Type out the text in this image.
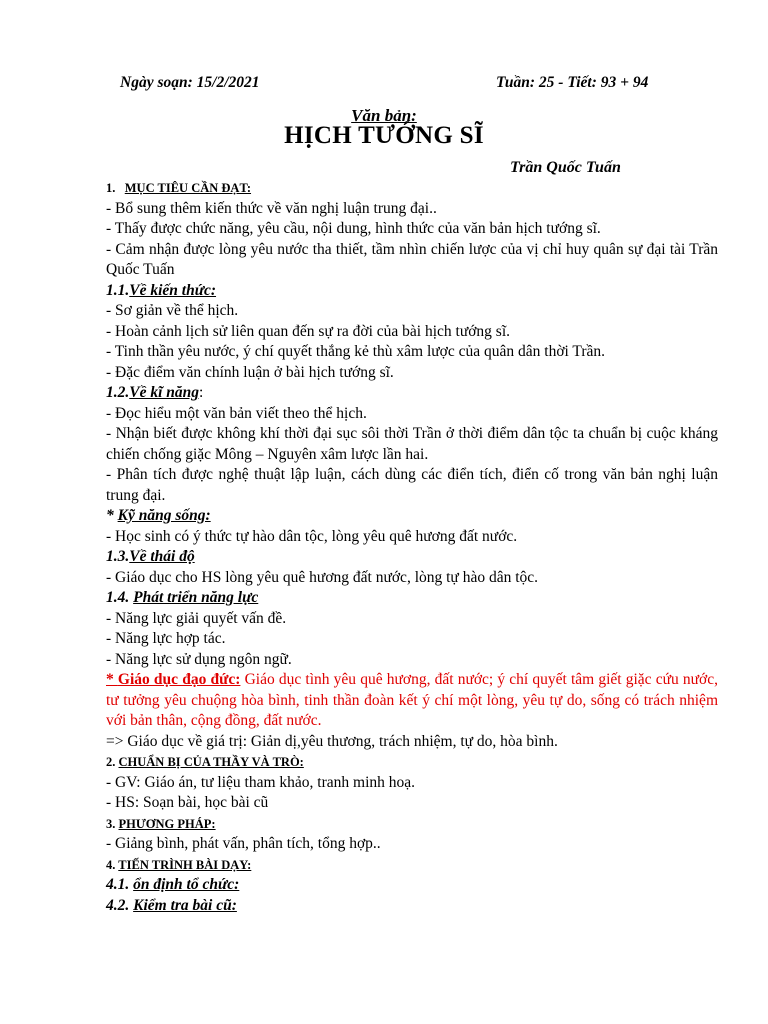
Ngày soạn: 15/2/2021	Tuần: 25 - Tiết: 93 + 94
Văn bản:
HỊCH TƯỚNG SĨ
Trần Quốc Tuấn
1. MỤC TIÊU CẦN ĐẠT:
- Bổ sung thêm kiến thức về văn nghị luận trung đại..
- Thấy được chức năng, yêu cầu, nội dung, hình thức của văn bản hịch tướng sĩ.
- Cảm nhận được lòng yêu nước tha thiết, tầm nhìn chiến lược của vị chỉ huy quân sự đại tài Trần Quốc Tuấn
1.1.Về kiến thức:
- Sơ giản về thể hịch.
- Hoàn cảnh lịch sử liên quan đến sự ra đời của bài hịch tướng sĩ.
- Tinh thần yêu nước, ý chí quyết thắng kẻ thù xâm lược của quân dân thời Trần.
- Đặc điểm văn chính luận ở bài hịch tướng sĩ.
1.2.Về kĩ năng:
- Đọc hiểu một văn bản viết theo thể hịch.
- Nhận biết được không khí thời đại sục sôi thời Trần ở thời điểm dân tộc ta chuẩn bị cuộc kháng chiến chống giặc Mông – Nguyên xâm lược lần hai.
- Phân tích được nghệ thuật lập luận, cách dùng các điển tích, điển cố trong văn bản nghị luận trung đại.
* Kỹ năng sống:
- Học sinh có ý thức tự hào dân tộc, lòng yêu quê hương đất nước.
1.3.Về thái độ
- Giáo dục cho HS lòng yêu quê hương đất nước, lòng tự hào dân tộc.
1.4. Phát triển năng lực
- Năng lực giải quyết vấn đề.
- Năng lực hợp tác.
- Năng lực sử dụng ngôn ngữ.
* Giáo dục đạo đức: Giáo dục tình yêu quê hương, đất nước; ý chí quyết tâm giết giặc cứu nước, tư tưởng yêu chuộng hòa bình, tinh thần đoàn kết ý chí một lòng, yêu tự do, sống có trách nhiệm với bản thân, cộng đồng, đất nước.
=> Giáo dục về giá trị: Giản dị,yêu thương, trách nhiệm, tự do, hòa bình.
2. CHUẨN BỊ CỦA THẦY VÀ TRÒ:
- GV: Giáo án, tư liệu tham khảo, tranh minh hoạ.
- HS: Soạn bài, học bài cũ
3. PHƯƠNG PHÁP:
- Giảng bình, phát vấn, phân tích, tổng hợp..
4. TIẾN TRÌNH BÀI DẠY:
4.1. ổn định tổ chức:
4.2. Kiểm tra bài cũ:
